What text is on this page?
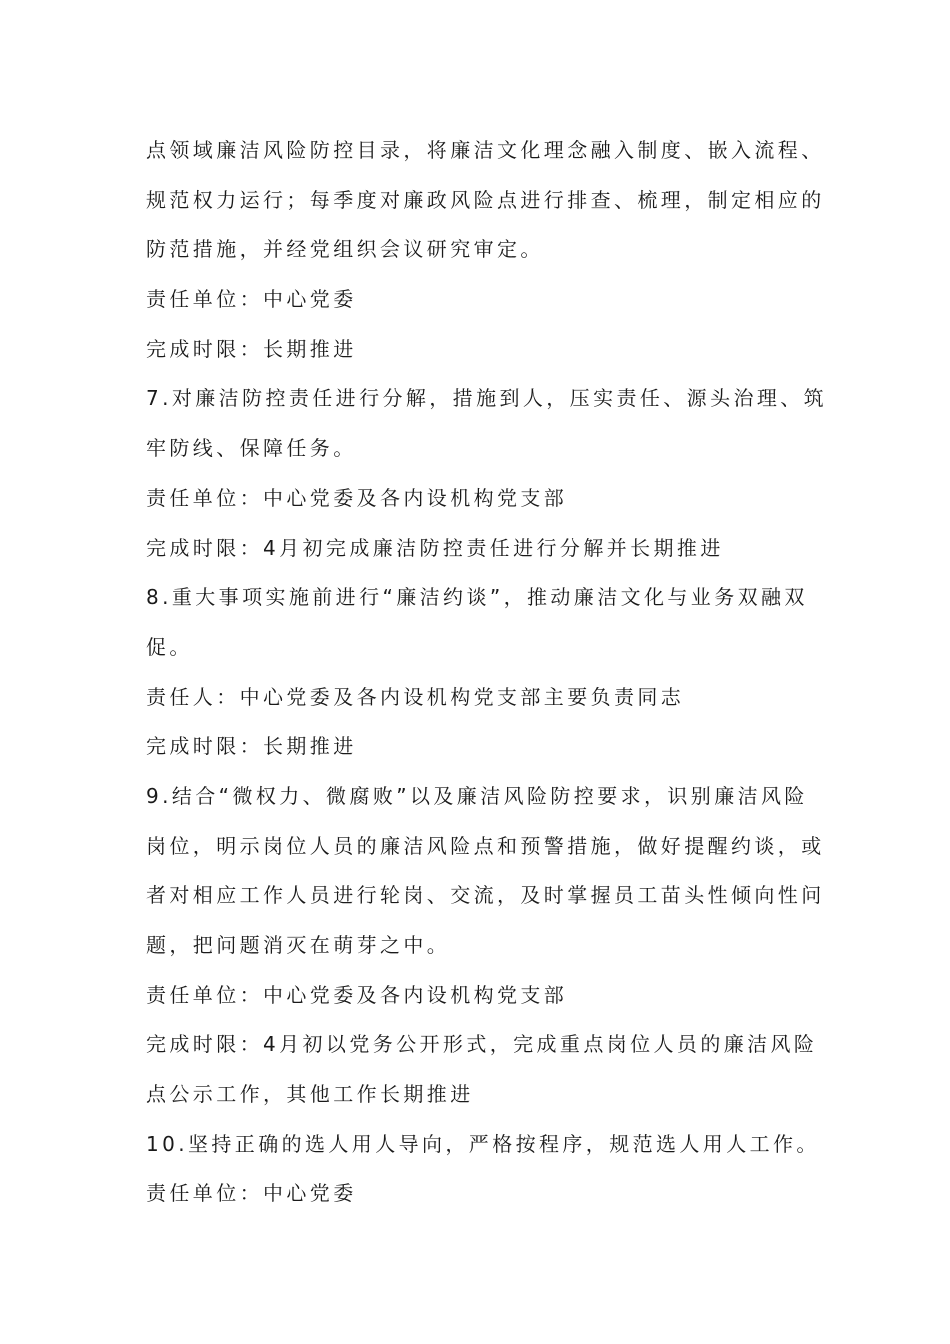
点领域廉洁风险防控目录，将廉洁文化理念融入制度、嵌入流程、
规范权力运行；每季度对廉政风险点进行排查、梳理，制定相应的
防范措施，并经党组织会议研究审定。
责任单位：中心党委
完成时限：长期推进
7.对廉洁防控责任进行分解，措施到人，压实责任、源头治理、筑
牢防线、保障任务。
责任单位：中心党委及各内设机构党支部
完成时限：4月初完成廉洁防控责任进行分解并长期推进
8.重大事项实施前进行“廉洁约谈”，推动廉洁文化与业务双融双
促。
责任人：中心党委及各内设机构党支部主要负责同志
完成时限：长期推进
9.结合“微权力、微腐败”以及廉洁风险防控要求，识别廉洁风险
岗位，明示岗位人员的廉洁风险点和预警措施，做好提醒约谈，或
者对相应工作人员进行轮岗、交流，及时掌握员工苗头性倾向性问
题，把问题消灭在萌芽之中。
责任单位：中心党委及各内设机构党支部
完成时限：4月初以党务公开形式，完成重点岗位人员的廉洁风险
点公示工作，其他工作长期推进
10.坚持正确的选人用人导向，严格按程序，规范选人用人工作。
责任单位：中心党委
